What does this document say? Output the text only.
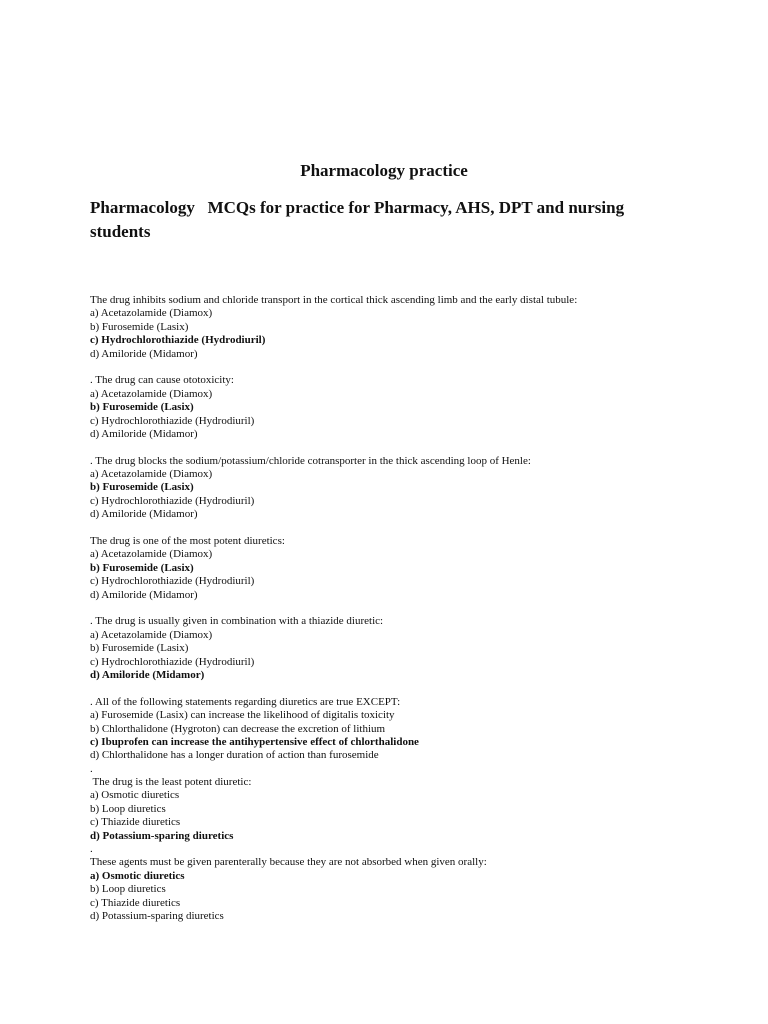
Pharmacology practice
Pharmacology   MCQs for practice for Pharmacy, AHS, DPT and nursing students
The drug inhibits sodium and chloride transport in the cortical thick ascending limb and the early distal tubule:
a) Acetazolamide (Diamox)
b) Furosemide (Lasix)
c) Hydrochlorothiazide (Hydrodiuril)
d) Amiloride (Midamor)
. The drug can cause ototoxicity:
a) Acetazolamide (Diamox)
b) Furosemide (Lasix)
c) Hydrochlorothiazide (Hydrodiuril)
d) Amiloride (Midamor)
. The drug blocks the sodium/potassium/chloride cotransporter in the thick ascending loop of Henle:
a) Acetazolamide (Diamox)
b) Furosemide (Lasix)
c) Hydrochlorothiazide (Hydrodiuril)
d) Amiloride (Midamor)
The drug is one of the most potent diuretics:
a) Acetazolamide (Diamox)
b) Furosemide (Lasix)
c) Hydrochlorothiazide (Hydrodiuril)
d) Amiloride (Midamor)
. The drug is usually given in combination with a thiazide diuretic:
a) Acetazolamide (Diamox)
b) Furosemide (Lasix)
c) Hydrochlorothiazide (Hydrodiuril)
d) Amiloride (Midamor)
. All of the following statements regarding diuretics are true EXCEPT:
a) Furosemide (Lasix) can increase the likelihood of digitalis toxicity
b) Chlorthalidone (Hygroton) can decrease the excretion of lithium
c) Ibuprofen can increase the antihypertensive effect of chlorthalidone
d) Chlorthalidone has a longer duration of action than furosemide
.
The drug is the least potent diuretic:
a) Osmotic diuretics
b) Loop diuretics
c) Thiazide diuretics
d) Potassium-sparing diuretics
.
These agents must be given parenterally because they are not absorbed when given orally:
a) Osmotic diuretics
b) Loop diuretics
c) Thiazide diuretics
d) Potassium-sparing diuretics
